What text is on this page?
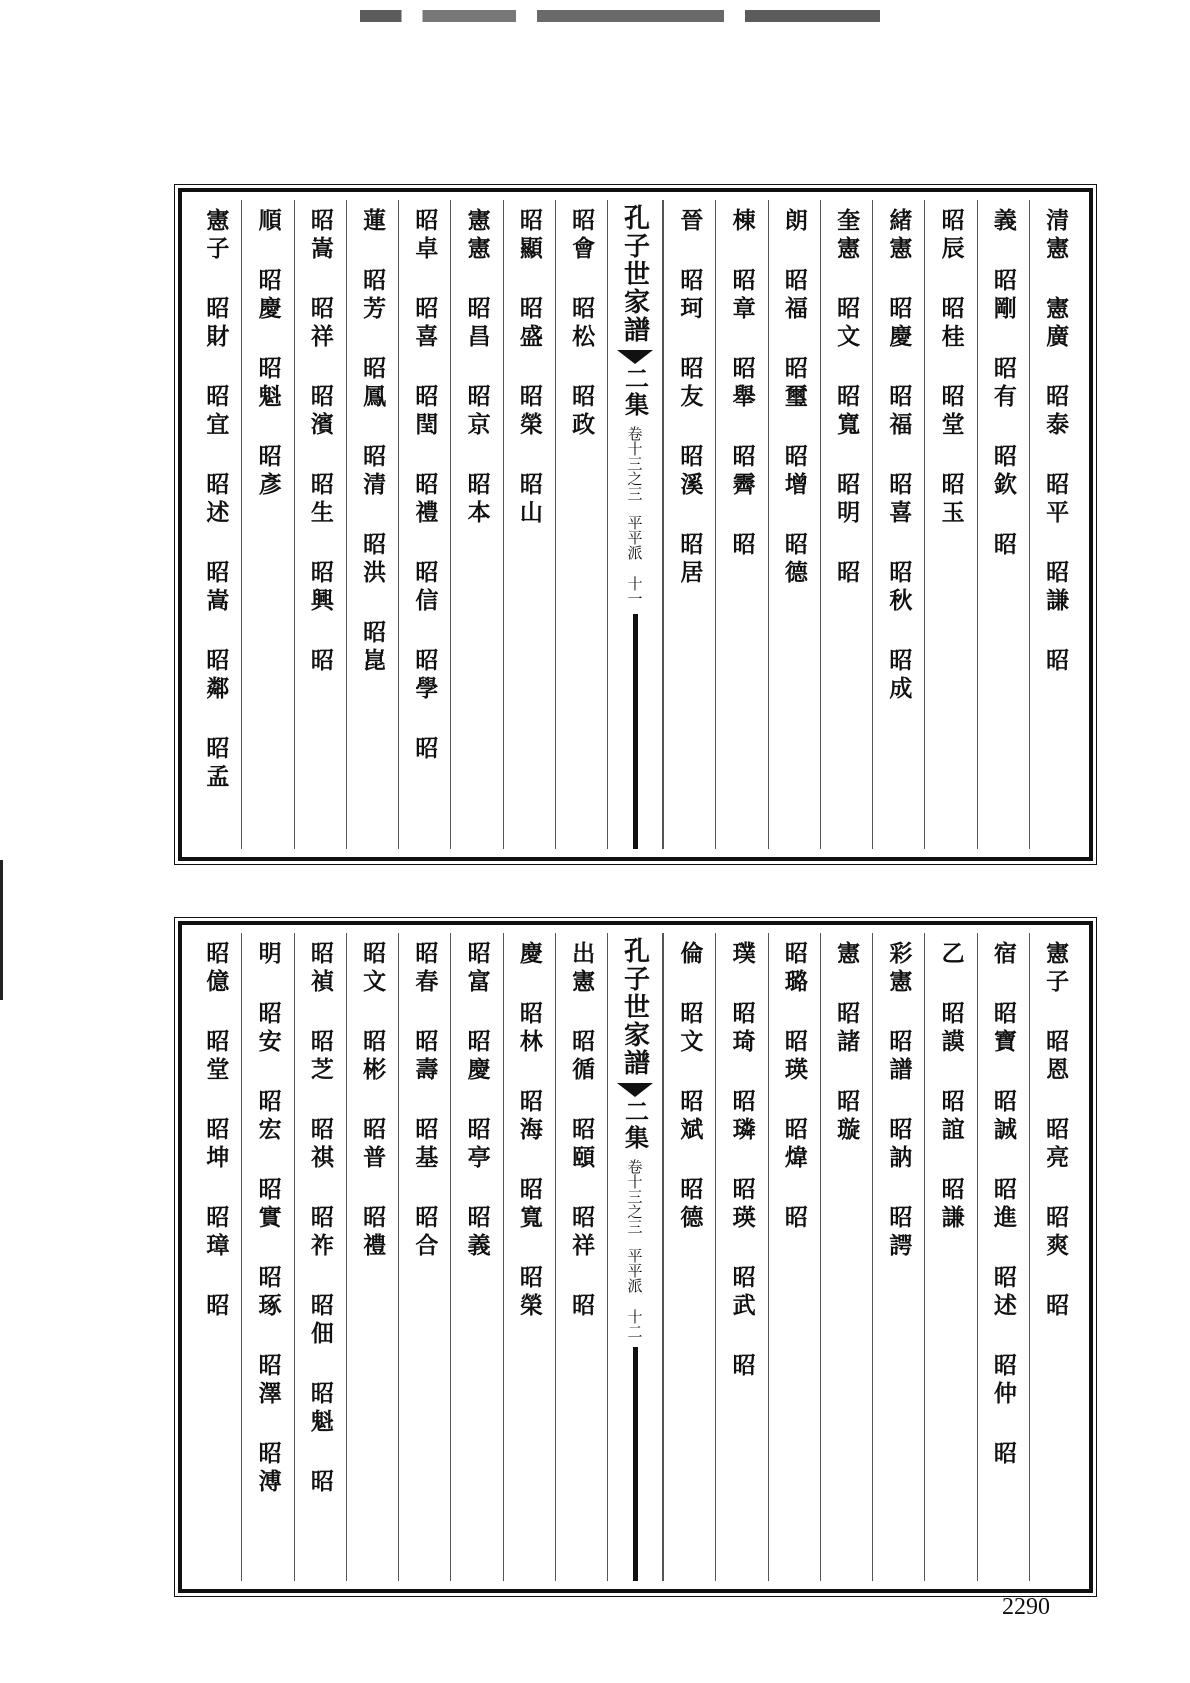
清憲 憲廣 昭泰 昭平 昭謙 昭
義 昭剛 昭有 昭欽 昭
昭辰 昭桂 昭堂 昭玉
緒憲 昭慶 昭福 昭喜 昭秋 昭成
奎憲 昭文 昭寬 昭明 昭
朗 昭福 昭璽 昭增 昭德
棟 昭章 昭舉 昭霽 昭
晉 昭珂 昭友 昭溪 昭居
孔子世家譜
二集
卷十三之三
平平派
十一
昭會 昭松 昭政
昭顯 昭盛 昭榮 昭山
憲憲 昭昌 昭京 昭本
昭卓 昭喜 昭閏 昭禮 昭信 昭學 昭
蓮 昭芳 昭鳳 昭清 昭洪 昭崑
昭嵩 昭祥 昭濱 昭生 昭興 昭
順 昭慶 昭魁 昭彥
憲子 昭財 昭宜 昭述 昭嵩 昭鄰 昭孟
憲子 昭恩 昭亮 昭爽 昭
宿 昭寶 昭誠 昭進 昭述 昭仲 昭
乙 昭謨 昭誼 昭謙
彩憲 昭譜 昭訥 昭諤
憲 昭諸 昭璇
昭璐 昭瑛 昭煒 昭
璞 昭琦 昭璘 昭瑛 昭武 昭
倫 昭文 昭斌 昭德
孔子世家譜
二集
卷十三之三
平平派
十二
出憲 昭循 昭頤 昭祥 昭
慶 昭林 昭海 昭寬 昭榮
昭富 昭慶 昭亭 昭義
昭春 昭壽 昭基 昭合
昭文 昭彬 昭普 昭禮
昭禎 昭芝 昭祺 昭祚 昭佃 昭魁 昭
明 昭安 昭宏 昭實 昭琢 昭澤 昭溥
昭億 昭堂 昭坤 昭璋 昭
2290
